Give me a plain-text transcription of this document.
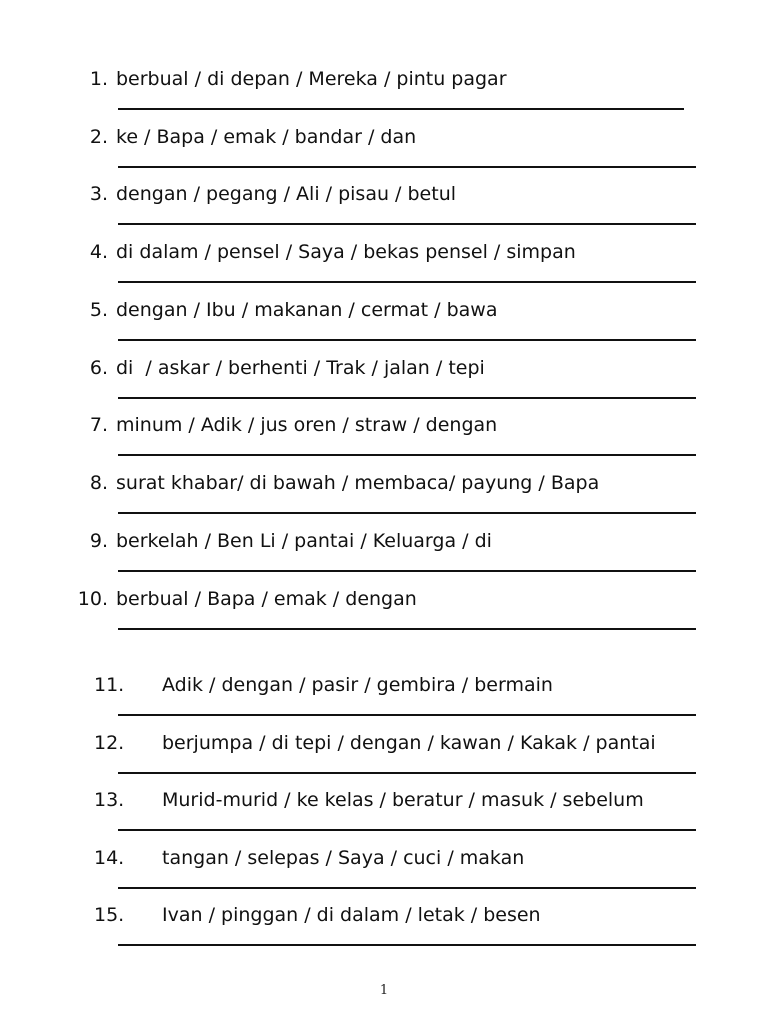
1. berbual / di depan / Mereka / pintu pagar
2. ke / Bapa / emak / bandar / dan
3. dengan / pegang / Ali / pisau / betul
4. di dalam / pensel / Saya / bekas pensel / simpan
5. dengan / Ibu / makanan / cermat / bawa
6. di  / askar / berhenti / Trak / jalan / tepi
7. minum / Adik / jus oren / straw / dengan
8. surat khabar/ di bawah / membaca/ payung / Bapa
9. berkelah / Ben Li / pantai / Keluarga / di
10. berbual / Bapa / emak / dengan
11.	Adik / dengan / pasir / gembira / bermain
12.	berjumpa / di tepi / dengan / kawan / Kakak / pantai
13.	Murid-murid / ke kelas / beratur / masuk / sebelum
14.	tangan / selepas / Saya / cuci / makan
15.	Ivan / pinggan / di dalam / letak / besen
1
